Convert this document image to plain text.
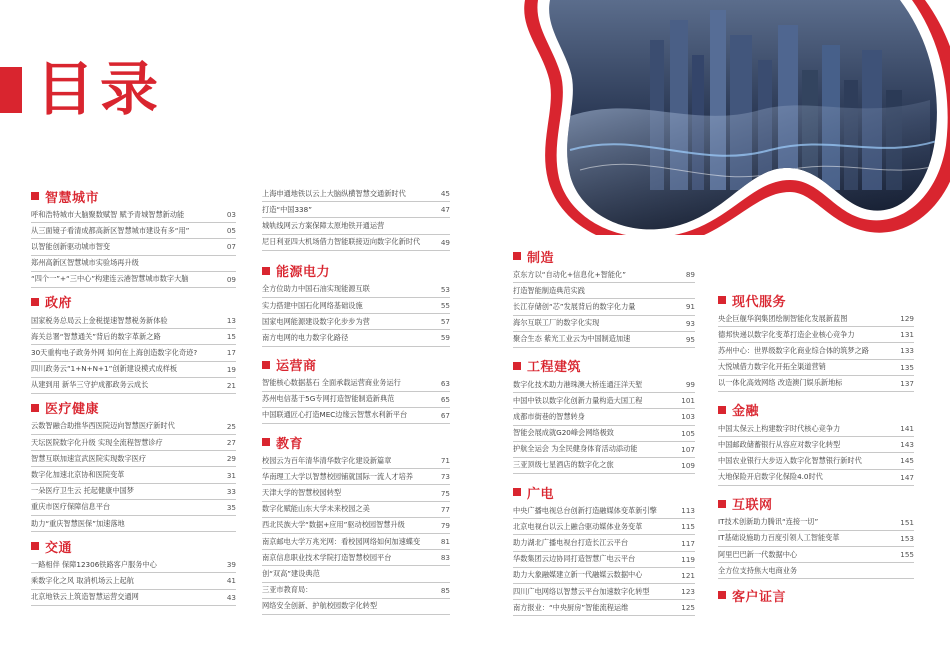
目录
智慧城市
呼和浩特城市大脑聚数赋智 赋予青城智慧新动能	03
从三面镜子看清成都高新区智慧城市建设有多“用”	05
以智能创新驱动城市智变	07
郑州高新区智慧城市实验场再升级
“四个一”+“三中心”构建连云港智慧城市数字大脑	09
政府
国家税务总局云上金税提速智慧税务新体验	13
海关总署“智慧通关”背后的数字革新之路	15
30天重构电子政务外网 如何在上海创造数字化奇迹?	17
四川政务云“1+N+N+1”创新建设模式成样板	19
从建到用 新华三守护成都政务云成长	21
医疗健康
云数智融合助推华西医院迈向智慧医疗新时代	25
天坛医院数字化升级 实现全流程智慧诊疗	27
智慧互联加速宣武医院实现数字医疗	29
数字化加速北京协和医院变革	31
一朵医疗卫生云 托起健康中国梦	33
重庆市医疗保障信息平台	35
助力“重庆智慧医保”加速落地
交通
一路相伴 保障12306铁路客户服务中心	39
乘数字化之风 取消机场云上起航	41
北京地铁云上筑造智慧运营交通网	43
上海申通地铁以云上大脑纵横智慧交通新时代	45
打造“中国338”	47
城轨线网云方案保障太原地铁开通运营
尼日利亚四大机场借力智能联接迈向数字化新时代	49
能源电力
全方位助力中国石油实现能源互联	53
实力搭建中国石化网络基础设施	55
国家电网能源建设数字化步步为营	57
南方电网的电力数字化路径	59
运营商
智能核心数据基石 全面承载运营商业务运行	63
苏州电信基于5G专网打造智能制造新典范	65
中国联通匠心打造MEC边缘云智慧水利新平台	67
教育
校园云为百年清华清华数字化建设新篇章	71
华南理工大学以智慧校园铺就国际一流人才培养	73
天津大学的智慧校园转型	75
数字化赋能山东大学未来校园之美	77
西北民族大学“数据+应用”驱动校园智慧升级	79
南京邮电大学万兆光网：看校园网络如何加速蝶变	81
南京信息职业技术学院打造智慧校园平台	83
创“双高”建设典范
三亚市教育局：	85
网络安全创新、护航校园数字化转型
制造
京东方以“自动化+信息化+智能化”	89
打造智能制造典范实践
长江存储创“芯”发展背后的数字化力量	91
海尔互联工厂的数字化实现	93
聚合生态 紫光工业云为中国制造加速	95
工程建筑
数字化技术助力港珠澳大桥连通汪洋天堑	99
中国中铁以数字化创新力量构造大国工程	101
成都市街巷的智慧转身	103
智能会展成就G20峰会网络极致	105
护航全运会 为全民健身体育活动添动能	107
三亚顶级七星酒店的数字化之旅	109
广电
中央广播电视总台创新打造融媒体变革新引擎	113
北京电视台以云上融合驱动媒体业务变革	115
助力湖北广播电视台打造长江云平台	117
华数集团云边协同打造智慧广电云平台	119
助力大象融媒建立新一代融媒云数据中心	121
四川广电网络以智慧云平台加速数字化转型	123
南方报业：“中央厨房”智能流程运维	125
现代服务
央企巨舰华润集团绘制智能化发展新蓝图	129
德邦快递以数字化变革打造企业核心竞争力	131
苏州中心：世界级数字化商业综合体的筑梦之路	133
大悦城借力数字化开拓全渠道营销	135
以一体化高效网络 改造澳门娱乐新地标	137
金融
中国太保云上构建数字时代核心竞争力	141
中国邮政储蓄银行从容应对数字化转型	143
中国农业银行大步迈入数字化智慧银行新时代	145
大地保险开启数字化保险4.0时代	147
互联网
IT技术创新助力腾讯“连接一切”	151
IT基础设施助力百度引领人工智能变革	153
阿里巴巴新一代数据中心	155
全方位支持焦大电商业务
客户证言
